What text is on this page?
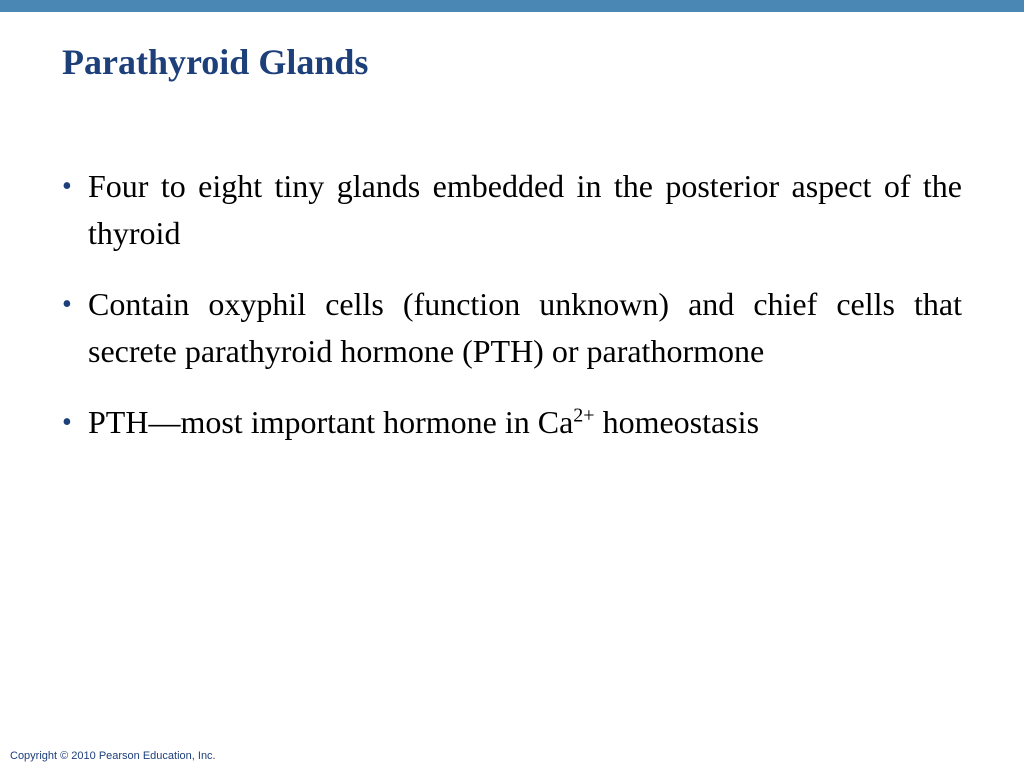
Parathyroid Glands
• Four to eight tiny glands embedded in the posterior aspect of the thyroid
• Contain oxyphil cells (function unknown) and chief cells that secrete parathyroid hormone (PTH) or parathormone
• PTH—most important hormone in $Ca^{2+}$ homeostasis
Copyright © 2010 Pearson Education, Inc.
